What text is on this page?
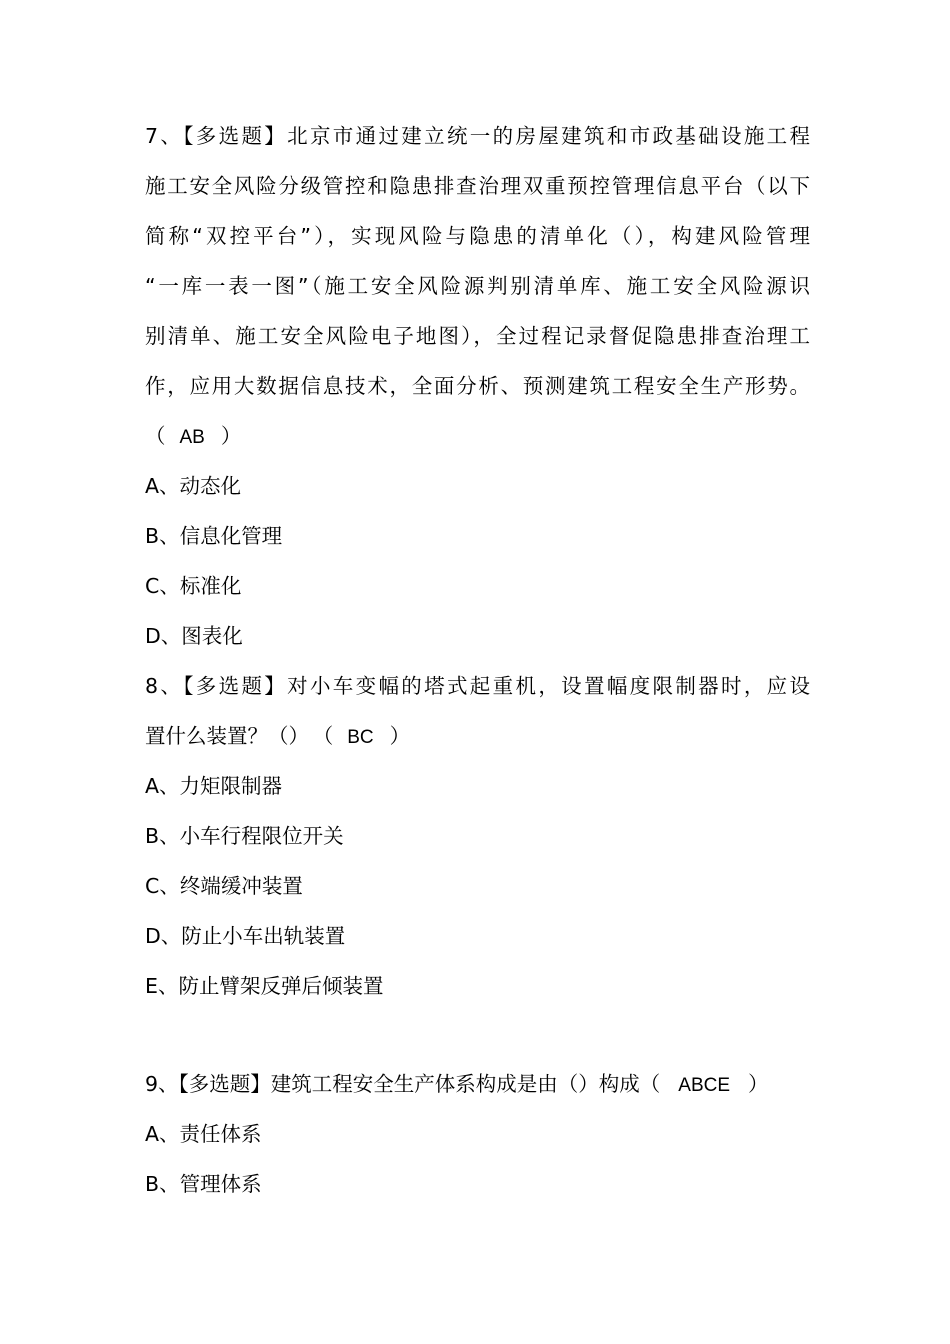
7、【多选题】北京市通过建立统一的房屋建筑和市政基础设施工程
施工安全风险分级管控和隐患排查治理双重预控管理信息平台（以下
简称“双控平台”），实现风险与隐患的清单化（），构建风险管理
“一库一表一图”（施工安全风险源判别清单库、施工安全风险源识
别清单、施工安全风险电子地图），全过程记录督促隐患排查治理工
作，应用大数据信息技术，全面分析、预测建筑工程安全生产形势。
（ AB ）
A、动态化
B、信息化管理
C、标准化
D、图表化
8、【多选题】对小车变幅的塔式起重机，设置幅度限制器时，应设
置什么装置？（） （ BC ）
A、力矩限制器
B、小车行程限位开关
C、终端缓冲装置
D、防止小车出轨装置
E、防止臂架反弹后倾装置
9、【多选题】建筑工程安全生产体系构成是由（）构成（ ABCE ）
A、责任体系
B、管理体系
